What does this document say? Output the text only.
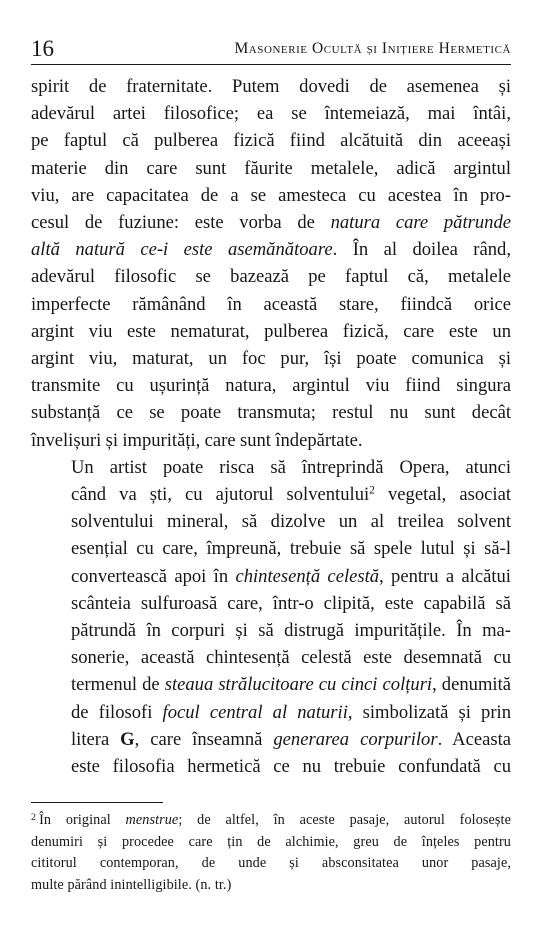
16	Masonerie Ocultă și Inițiere Hermetică

spirit de fraternitate. Putem dovedi de asemenea și
adevărul artei filosofice; ea se întemeiază, mai întâi,
pe faptul că pulberea fizică fiind alcătuită din aceeași
materie din care sunt făurite metalele, adică argintul
viu, are capacitatea de a se amesteca cu acestea în pro-
cesul de fuziune: este vorba de natura care pătrunde
altă natură ce-i este asemănătoare. În al doilea rând,
adevărul filosofic se bazează pe faptul că, metalele
imperfecte rămânând în această stare, fiindcă orice
argint viu este nematurat, pulberea fizică, care este un
argint viu, maturat, un foc pur, își poate comunica și
transmite cu ușurință natura, argintul viu fiind singura
substanță ce se poate transmuta; restul nu sunt decât
învelișuri și impurități, care sunt îndepărtate.

Un artist poate risca să întreprindă Opera, atunci
când va ști, cu ajutorul solventului$^2$ vegetal, asociat
solventului mineral, să dizolve un al treilea solvent
esențial cu care, împreună, trebuie să spele lutul și să-l
convertească apoi în chintesență celestă, pentru a alcătui
scânteia sulfuroasă care, într-o clipită, este capabilă să
pătrundă în corpuri și să distrugă impuritățile. În ma-
sonerie, această chintesență celestă este desemnată cu
termenul de steaua strălucitoare cu cinci colțuri, denumită
de filosofi focul central al naturii, simbolizată și prin
litera G, care înseamnă generarea corpurilor. Aceasta
este filosofia hermetică ce nu trebuie confundată cu

$^2$ În original menstrue; de altfel, în aceste pasaje, autorul folosește
denumiri și procedee care țin de alchimie, greu de înțeles pentru
cititorul contemporan, de unde și absconsitatea unor pasaje,
multe părând inintelligibile. (n. tr.)
